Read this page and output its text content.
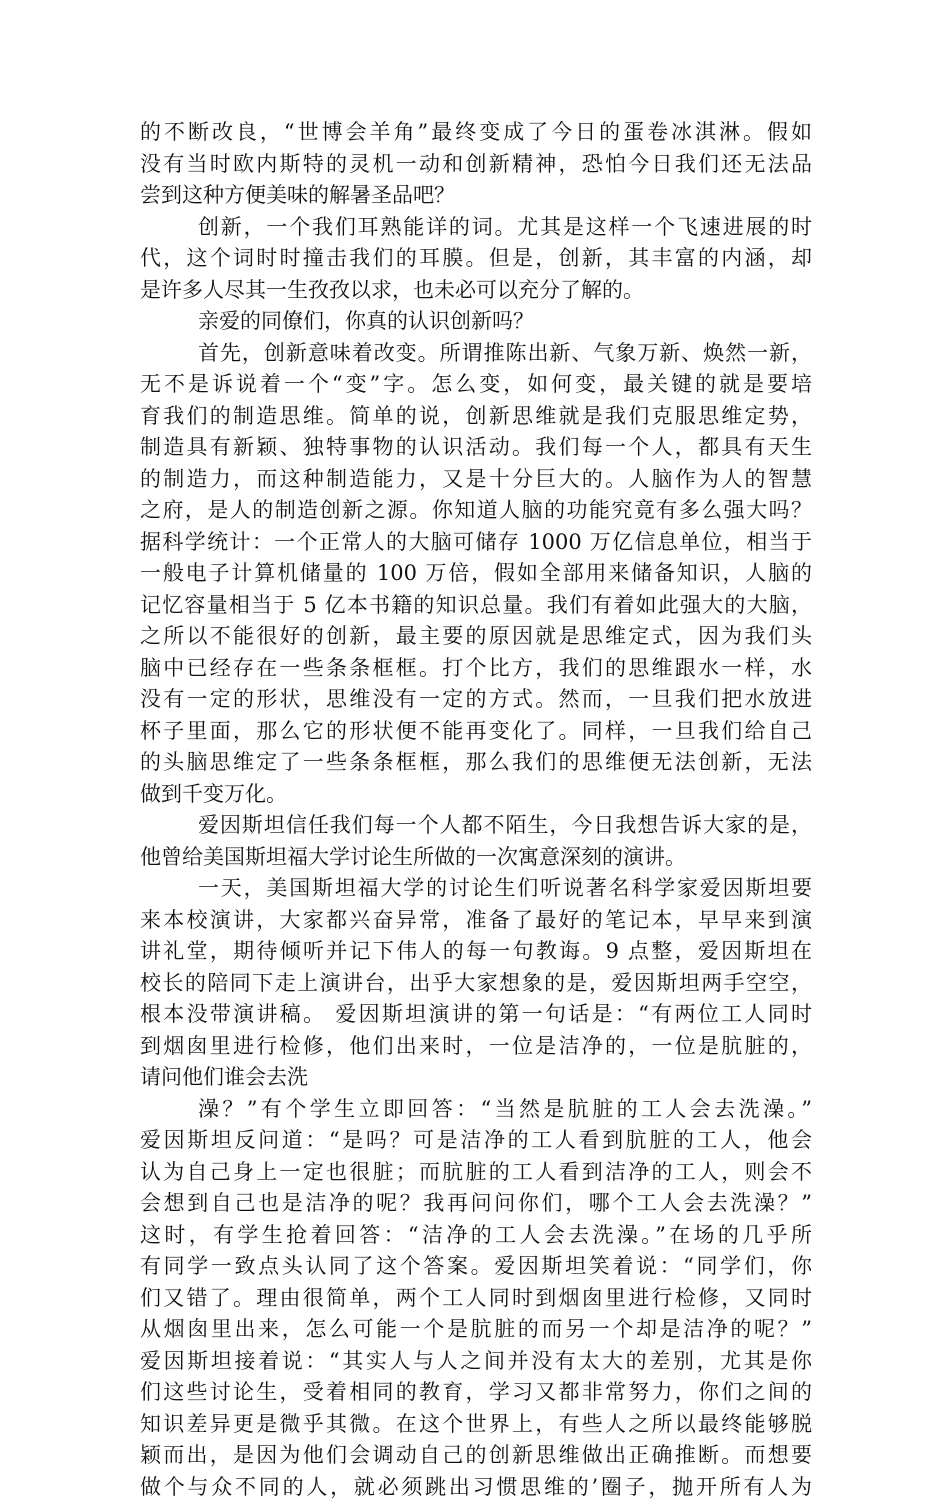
的不断改良，“世博会羊角”最终变成了今日的蛋卷冰淇淋。假如
没有当时欧内斯特的灵机一动和创新精神，恐怕今日我们还无法品
尝到这种方便美味的解暑圣品吧？
创新，一个我们耳熟能详的词。尤其是这样一个飞速进展的时
代，这个词时时撞击我们的耳膜。但是，创新，其丰富的内涵，却
是许多人尽其一生孜孜以求，也未必可以充分了解的。
亲爱的同僚们，你真的认识创新吗？
首先，创新意味着改变。所谓推陈出新、气象万新、焕然一新，
无不是诉说着一个“变”字。怎么变，如何变，最关键的就是要培
育我们的制造思维。简单的说，创新思维就是我们克服思维定势，
制造具有新颖、独特事物的认识活动。我们每一个人，都具有天生
的制造力，而这种制造能力，又是十分巨大的。人脑作为人的智慧
之府，是人的制造创新之源。你知道人脑的功能究竟有多么强大吗？
据科学统计：一个正常人的大脑可储存 1000 万亿信息单位，相当于
一般电子计算机储量的 100 万倍，假如全部用来储备知识，人脑的
记忆容量相当于 5 亿本书籍的知识总量。我们有着如此强大的大脑，
之所以不能很好的创新，最主要的原因就是思维定式，因为我们头
脑中已经存在一些条条框框。打个比方，我们的思维跟水一样，水
没有一定的形状，思维没有一定的方式。然而，一旦我们把水放进
杯子里面，那么它的形状便不能再变化了。同样，一旦我们给自己
的头脑思维定了一些条条框框，那么我们的思维便无法创新，无法
做到千变万化。
爱因斯坦信任我们每一个人都不陌生，今日我想告诉大家的是，
他曾给美国斯坦福大学讨论生所做的一次寓意深刻的演讲。
一天，美国斯坦福大学的讨论生们听说著名科学家爱因斯坦要
来本校演讲，大家都兴奋异常，准备了最好的笔记本，早早来到演
讲礼堂，期待倾听并记下伟人的每一句教诲。9 点整，爱因斯坦在
校长的陪同下走上演讲台，出乎大家想象的是，爱因斯坦两手空空，
根本没带演讲稿。 爱因斯坦演讲的第一句话是：“有两位工人同时
到烟囱里进行检修，他们出来时，一位是洁净的，一位是肮脏的，
请问他们谁会去洗
澡？”有个学生立即回答：“当然是肮脏的工人会去洗澡。”
爱因斯坦反问道：“是吗？可是洁净的工人看到肮脏的工人，他会
认为自己身上一定也很脏；而肮脏的工人看到洁净的工人，则会不
会想到自己也是洁净的呢？我再问问你们，哪个工人会去洗澡？”
这时，有学生抢着回答：“洁净的工人会去洗澡。”在场的几乎所
有同学一致点头认同了这个答案。爱因斯坦笑着说：“同学们，你
们又错了。理由很简单，两个工人同时到烟囱里进行检修，又同时
从烟囱里出来，怎么可能一个是肮脏的而另一个却是洁净的呢？”
爱因斯坦接着说：“其实人与人之间并没有太大的差别，尤其是你
们这些讨论生，受着相同的教育，学习又都非常努力，你们之间的
知识差异更是微乎其微。在这个世界上，有些人之所以最终能够脱
颖而出，是因为他们会调动自己的创新思维做出正确推断。而想要
做个与众不同的人，就必须跳出习惯思维的’圈子，抛开所有人为
